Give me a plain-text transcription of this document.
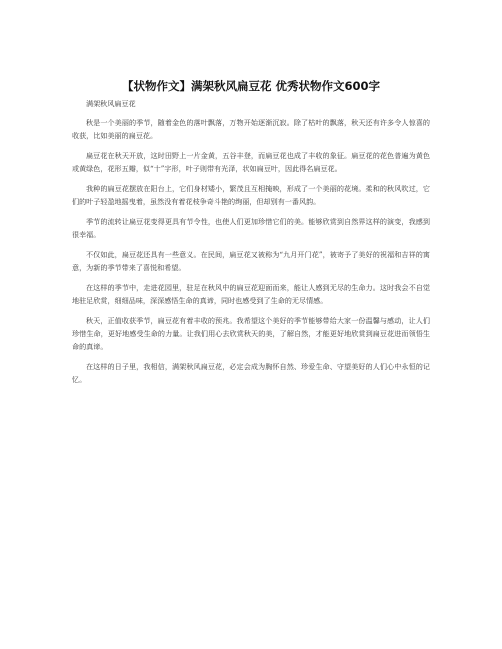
【状物作文】满架秋风扁豆花 优秀状物作文600字

满架秋风扁豆花

秋是一个美丽的季节，随着金色的落叶飘落，万物开始逐渐沉寂。除了枯叶的飘落，秋天还有许多令人惊喜的收获，比如美丽的扁豆花。

扁豆花在秋天开放，这时田野上一片金黄，五谷丰登，而扁豆花也成了丰收的象征。扁豆花的花色普遍为黄色或黄绿色，花形五瓣，似“十”字形，叶子则带有光泽，状如扁豆叶，因此得名扁豆花。

我种的扁豆花摆放在阳台上，它们身材矮小，繁茂且互相掩映，形成了一个美丽的花境。柔和的秋风吹过，它们的叶子轻盈地摇曳着，虽然没有着花枝争奇斗艳的绚丽，但却别有一番风韵。

季节的流转让扁豆花变得更具有节令性，也使人们更加珍惜它们的美。能够欣赏到自然界这样的演变，我感到很幸福。

不仅如此，扁豆花还具有一些意义。在民间，扁豆花又被称为“九月开门花”，被寄予了美好的祝福和吉祥的寓意，为新的季节带来了喜悦和希望。

在这样的季节中，走进花园里，驻足在秋风中的扁豆花迎面而来，能让人感到无尽的生命力。这时我会不自觉地驻足欣赏，细细品味，深深感悟生命的真谛，同时也感受到了生命的无尽情感。

秋天，正值收获季节，扁豆花有着丰收的预兆。我希望这个美好的季节能够带给大家一份温馨与感动，让人们珍惜生命，更好地感受生命的力量。让我们用心去欣赏秋天的美，了解自然，才能更好地欣赏到扁豆花进而领悟生命的真谛。

在这样的日子里，我相信，满架秋风扁豆花，必定会成为胸怀自然、珍爱生命、守望美好的人们心中永恒的记忆。
